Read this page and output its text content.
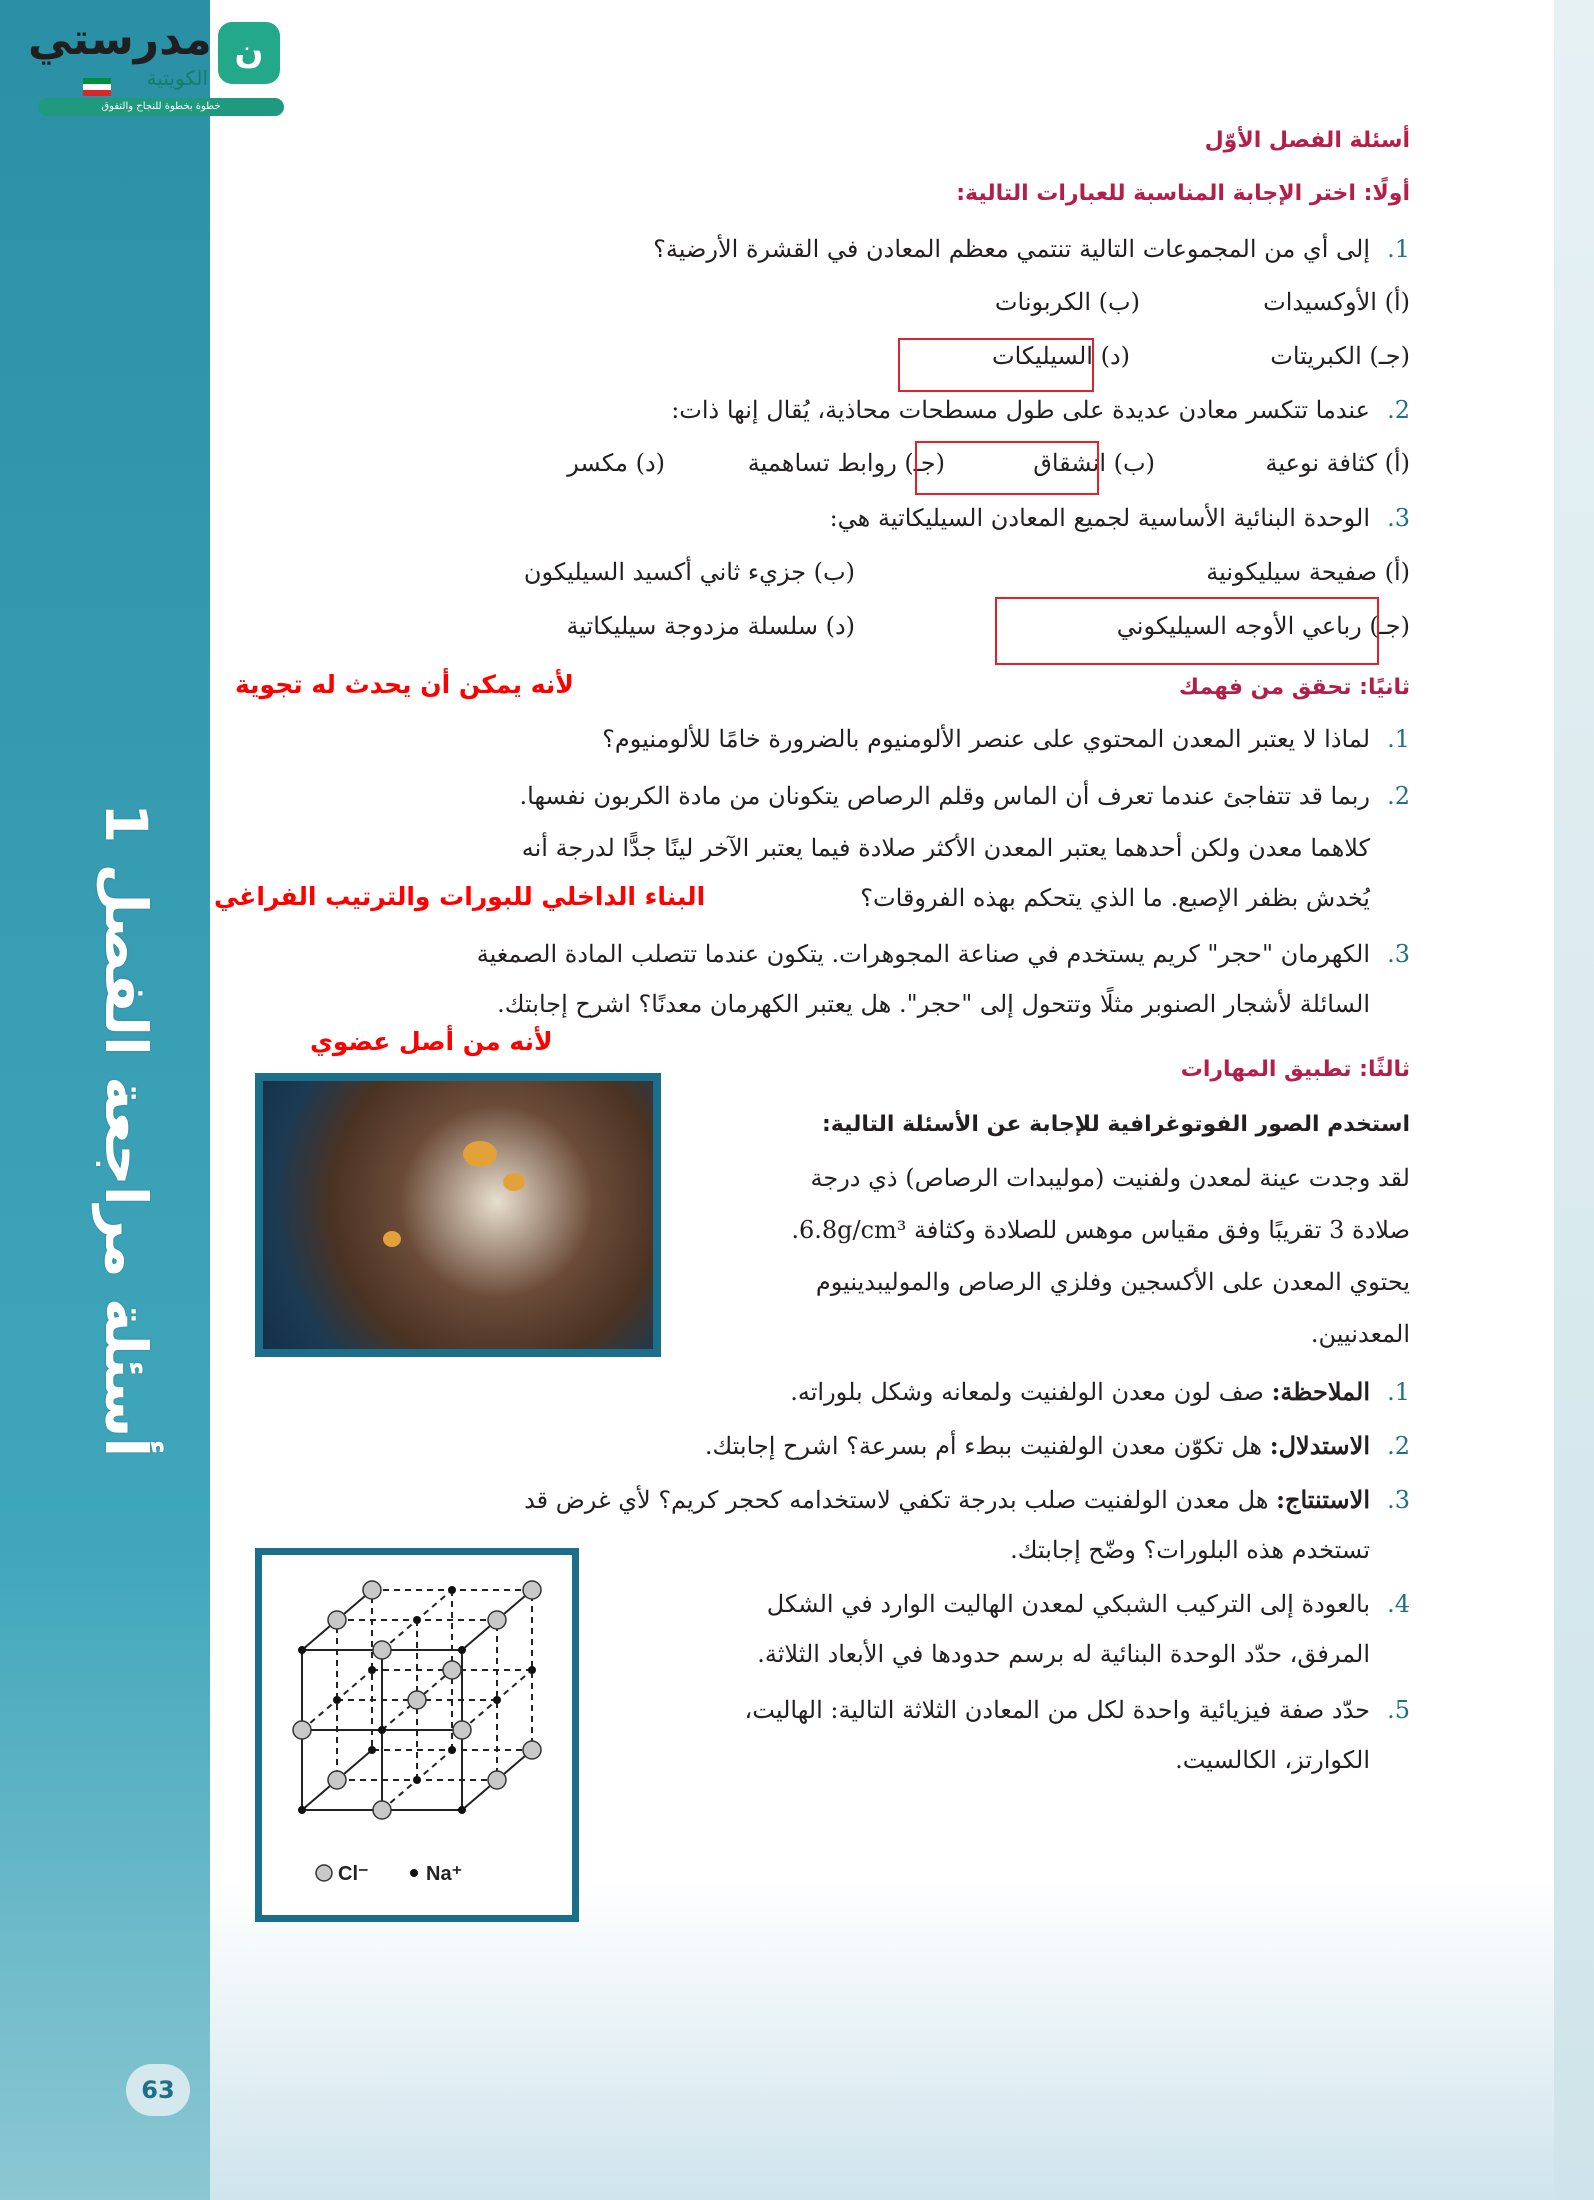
مدرستي ن
الكويتية
خطوة بخطوة للنجاح والتفوق
أسئلة مراجعة الفصل 1
63
أسئلة الفصل الأوّل
أولًا: اختر الإجابة المناسبة للعبارات التالية:
1.
إلى أي من المجموعات التالية تنتمي معظم المعادن في القشرة الأرضية؟
(أ) الأوكسيدات
(ب) الكربونات
(جـ) الكبريتات
(د) السيليكات
2.
عندما تتكسر معادن عديدة على طول مسطحات محاذية، يُقال إنها ذات:
(أ) كثافة نوعية
(ب) انشقاق
(جـ) روابط تساهمية
(د) مكسر
3.
الوحدة البنائية الأساسية لجميع المعادن السيليكاتية هي:
(أ) صفيحة سيليكونية
(ب) جزيء ثاني أكسيد السيليكون
(جـ) رباعي الأوجه السيليكوني
(د) سلسلة مزدوجة سيليكاتية
ثانيًا: تحقق من فهمك
لأنه يمكن أن يحدث له تجوية
1.
لماذا لا يعتبر المعدن المحتوي على عنصر الألومنيوم بالضرورة خامًا للألومنيوم؟
2.
ربما قد تتفاجئ عندما تعرف أن الماس وقلم الرصاص يتكونان من مادة الكربون نفسها.
كلاهما معدن ولكن أحدهما يعتبر المعدن الأكثر صلادة فيما يعتبر الآخر لينًا جدًّا لدرجة أنه
يُخدش بظفر الإصبع. ما الذي يتحكم بهذه الفروقات؟
البناء الداخلي للبورات والترتيب الفراغي
3.
الكهرمان "حجر" كريم يستخدم في صناعة المجوهرات. يتكون عندما تتصلب المادة الصمغية
السائلة لأشجار الصنوبر مثلًا وتتحول إلى "حجر". هل يعتبر الكهرمان معدنًا؟ اشرح إجابتك.
لأنه من أصل عضوي
ثالثًا: تطبيق المهارات
استخدم الصور الفوتوغرافية للإجابة عن الأسئلة التالية:
لقد وجدت عينة لمعدن ولفنيت (موليبدات الرصاص) ذي درجة
صلادة 3 تقريبًا وفق مقياس موهس للصلادة وكثافة 6.8g/cm³.
يحتوي المعدن على الأكسجين وفلزي الرصاص والموليبدينيوم
المعدنيين.
1.
الملاحظة: صف لون معدن الولفنيت ولمعانه وشكل بلوراته.
2.
الاستدلال: هل تكوّن معدن الولفنيت ببطء أم بسرعة؟ اشرح إجابتك.
3.
الاستنتاج: هل معدن الولفنيت صلب بدرجة تكفي لاستخدامه كحجر كريم؟ لأي غرض قد
تستخدم هذه البلورات؟ وضّح إجابتك.
Cl⁻	Na⁺
4.
بالعودة إلى التركيب الشبكي لمعدن الهاليت الوارد في الشكل
المرفق، حدّد الوحدة البنائية له برسم حدودها في الأبعاد الثلاثة.
5.
حدّد صفة فيزيائية واحدة لكل من المعادن الثلاثة التالية: الهاليت،
الكوارتز، الكالسيت.
